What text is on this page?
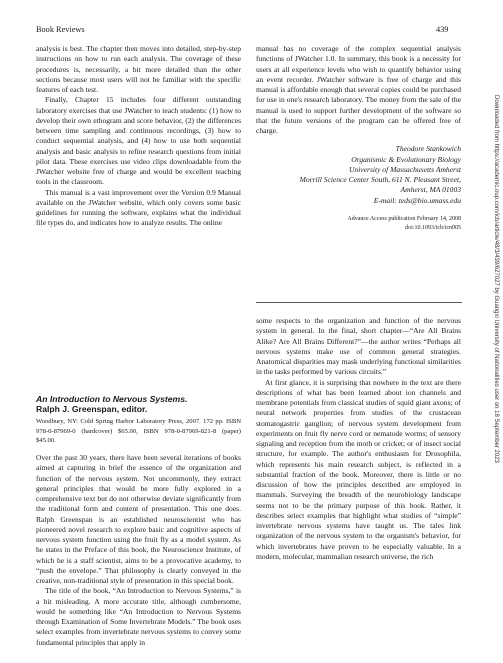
Book Reviews	439

analysis is best. The chapter then moves into detailed, step-by-step instructions on how to run each analysis. The coverage of these procedures is, necessarily, a bit more detailed than the other sections because most users will not be familiar with the specific features of each test.

Finally, Chapter 15 includes four different outstanding laboratory exercises that use JWatcher to teach students: (1) how to develop their own ethogram and score behavior, (2) the differences between time sampling and continuous recordings, (3) how to conduct sequential analysis, and (4) how to use both sequential analysis and basic analysis to refine research questions from initial pilot data. These exercises use video clips downloadable from the JWatcher website free of charge and would be excellent teaching tools in the classroom.

This manual is a vast improvement over the Version 0.9 Manual available on the JWatcher website, which only covers some basic guidelines for running the software, explains what the individual file types do, and indicates how to analyze results. The online

manual has no coverage of the complex sequential analysis functions of JWatcher 1.0. In summary, this book is a necessity for users at all experience levels who wish to quantify behavior using an event recorder. JWatcher software is free of charge and this manual is affordable enough that several copies could be purchased for use in one's research laboratory. The money from the sale of the manual is used to support further development of the software so that the future versions of the program can be offered free of charge.

Theodore Stankowich
Organismic & Evolutionary Biology
University of Massachusetts Amherst
Morrill Science Center South, 611 N. Pleasant Street,
Amherst, MA 01003
E-mail: teds@bio.umass.edu
Advance Access publication February 14, 2008
doi:10.1093/icb/icn005
An Introduction to Nervous Systems.
Ralph J. Greenspan, editor.
Woodbury, NY: Cold Spring Harbor Laboratory Press, 2007. 172 pp. ISBN 978-0-87969-0 (hardcover) $65.00, ISBN 978-0-87969-821-8 (paper) $45.00.

Over the past 30 years, there have been several iterations of books aimed at capturing in brief the essence of the organization and function of the nervous system. Not uncommonly, they extract general principles that would be more fully explored in a comprehensive text but do not otherwise deviate significantly from the traditional form and content of presentation. This one does. Ralph Greenspan is an established neuroscientist who has pioneered novel research to explore basic and cognitive aspects of nervous system function using the fruit fly as a model system. As he states in the Preface of this book, the Neuroscience Institute, of which he is a staff scientist, aims to be a provocative academy, to “push the envelope.” That philosophy is clearly conveyed in the creative, non-traditional style of presentation in this special book.

The title of the book, “An Introduction to Nervous Systems,” is a bit misleading. A more accurate title, although cumbersome, would be something like “An Introduction to Nervous Systems through Examination of Some Invertebrate Models.” The book uses select examples from invertebrate nervous systems to convey some fundamental principles that apply in

some respects to the organization and function of the nervous system in general. In the final, short chapter—“Are All Brains Alike? Are All Brains Different?”—the author writes “Perhaps all nervous systems make use of common general strategies. Anatomical disparities may mask underlying functional similarities in the tasks performed by various circuits.”

At first glance, it is surprising that nowhere in the text are there descriptions of what has been learned about ion channels and membrane potentials from classical studies of squid giant axons; of neural network properties from studies of the crustacean stomatogastric ganglion; of nervous system development from experiments on fruit fly nerve cord or nematode worms; of sensory signaling and reception from the moth or cricket; or of insect social structure, for example. The author's enthusiasm for Drosophila, which represents his main research subject, is reflected in a substantial fraction of the book. Moreover, there is little or no discussion of how the principles described are employed in mammals. Surveying the breadth of the neurobiology landscape seems not to be the primary purpose of this book. Rather, it describes select examples that highlight what studies of “simple” invertebrate nervous systems have taught us. The tales link organization of the nervous system to the organism's behavior, for which invertebrates have proven to be especially valuable. In a modern, molecular, mammalian research universe, the rich

Downloaded from https://academic.oup.com/icb/article/48/3/439/627027 by Guangxi University of Nationalities user on 18 September 2023
